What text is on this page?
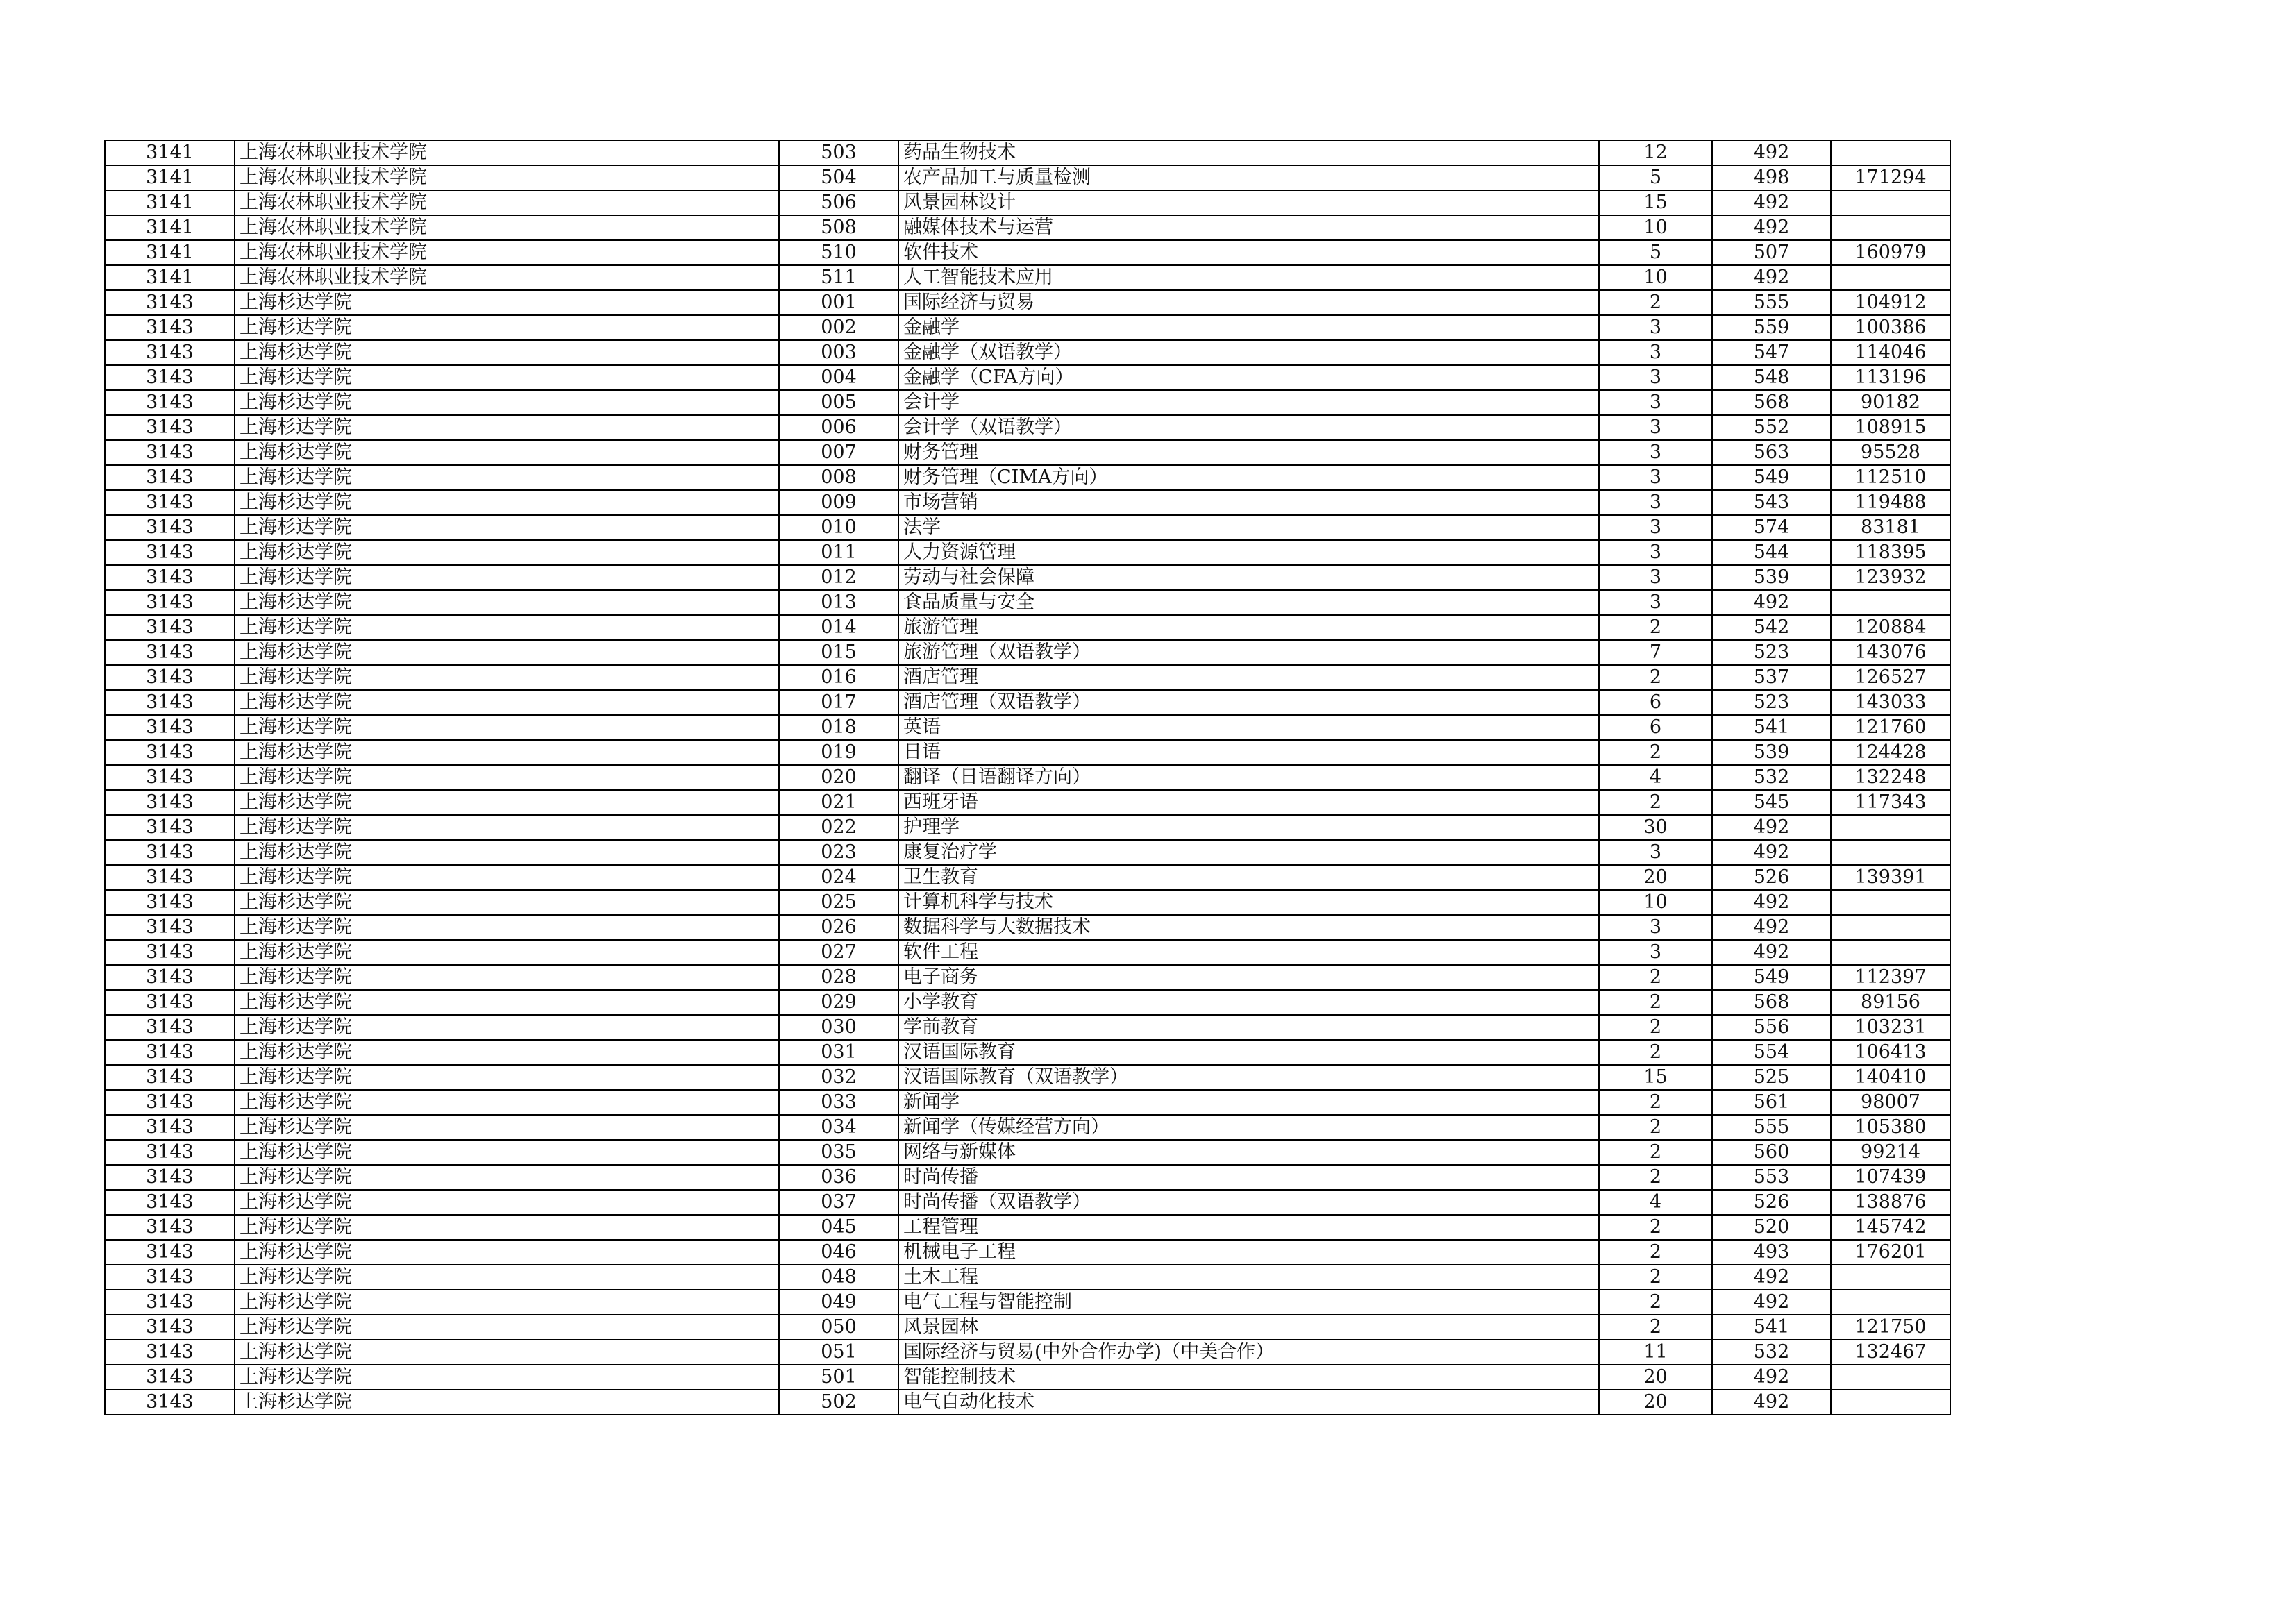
3141	上海农林职业技术学院	503	药品生物技术	12	492	
3141	上海农林职业技术学院	504	农产品加工与质量检测	5	498	171294
3141	上海农林职业技术学院	506	风景园林设计	15	492	
3141	上海农林职业技术学院	508	融媒体技术与运营	10	492	
3141	上海农林职业技术学院	510	软件技术	5	507	160979
3141	上海农林职业技术学院	511	人工智能技术应用	10	492	
3143	上海杉达学院	001	国际经济与贸易	2	555	104912
3143	上海杉达学院	002	金融学	3	559	100386
3143	上海杉达学院	003	金融学（双语教学）	3	547	114046
3143	上海杉达学院	004	金融学（CFA方向）	3	548	113196
3143	上海杉达学院	005	会计学	3	568	90182
3143	上海杉达学院	006	会计学（双语教学）	3	552	108915
3143	上海杉达学院	007	财务管理	3	563	95528
3143	上海杉达学院	008	财务管理（CIMA方向）	3	549	112510
3143	上海杉达学院	009	市场营销	3	543	119488
3143	上海杉达学院	010	法学	3	574	83181
3143	上海杉达学院	011	人力资源管理	3	544	118395
3143	上海杉达学院	012	劳动与社会保障	3	539	123932
3143	上海杉达学院	013	食品质量与安全	3	492	
3143	上海杉达学院	014	旅游管理	2	542	120884
3143	上海杉达学院	015	旅游管理（双语教学）	7	523	143076
3143	上海杉达学院	016	酒店管理	2	537	126527
3143	上海杉达学院	017	酒店管理（双语教学）	6	523	143033
3143	上海杉达学院	018	英语	6	541	121760
3143	上海杉达学院	019	日语	2	539	124428
3143	上海杉达学院	020	翻译（日语翻译方向）	4	532	132248
3143	上海杉达学院	021	西班牙语	2	545	117343
3143	上海杉达学院	022	护理学	30	492	
3143	上海杉达学院	023	康复治疗学	3	492	
3143	上海杉达学院	024	卫生教育	20	526	139391
3143	上海杉达学院	025	计算机科学与技术	10	492	
3143	上海杉达学院	026	数据科学与大数据技术	3	492	
3143	上海杉达学院	027	软件工程	3	492	
3143	上海杉达学院	028	电子商务	2	549	112397
3143	上海杉达学院	029	小学教育	2	568	89156
3143	上海杉达学院	030	学前教育	2	556	103231
3143	上海杉达学院	031	汉语国际教育	2	554	106413
3143	上海杉达学院	032	汉语国际教育（双语教学）	15	525	140410
3143	上海杉达学院	033	新闻学	2	561	98007
3143	上海杉达学院	034	新闻学（传媒经营方向）	2	555	105380
3143	上海杉达学院	035	网络与新媒体	2	560	99214
3143	上海杉达学院	036	时尚传播	2	553	107439
3143	上海杉达学院	037	时尚传播（双语教学）	4	526	138876
3143	上海杉达学院	045	工程管理	2	520	145742
3143	上海杉达学院	046	机械电子工程	2	493	176201
3143	上海杉达学院	048	土木工程	2	492	
3143	上海杉达学院	049	电气工程与智能控制	2	492	
3143	上海杉达学院	050	风景园林	2	541	121750
3143	上海杉达学院	051	国际经济与贸易(中外合作办学)（中美合作）	11	532	132467
3143	上海杉达学院	501	智能控制技术	20	492	
3143	上海杉达学院	502	电气自动化技术	20	492	
